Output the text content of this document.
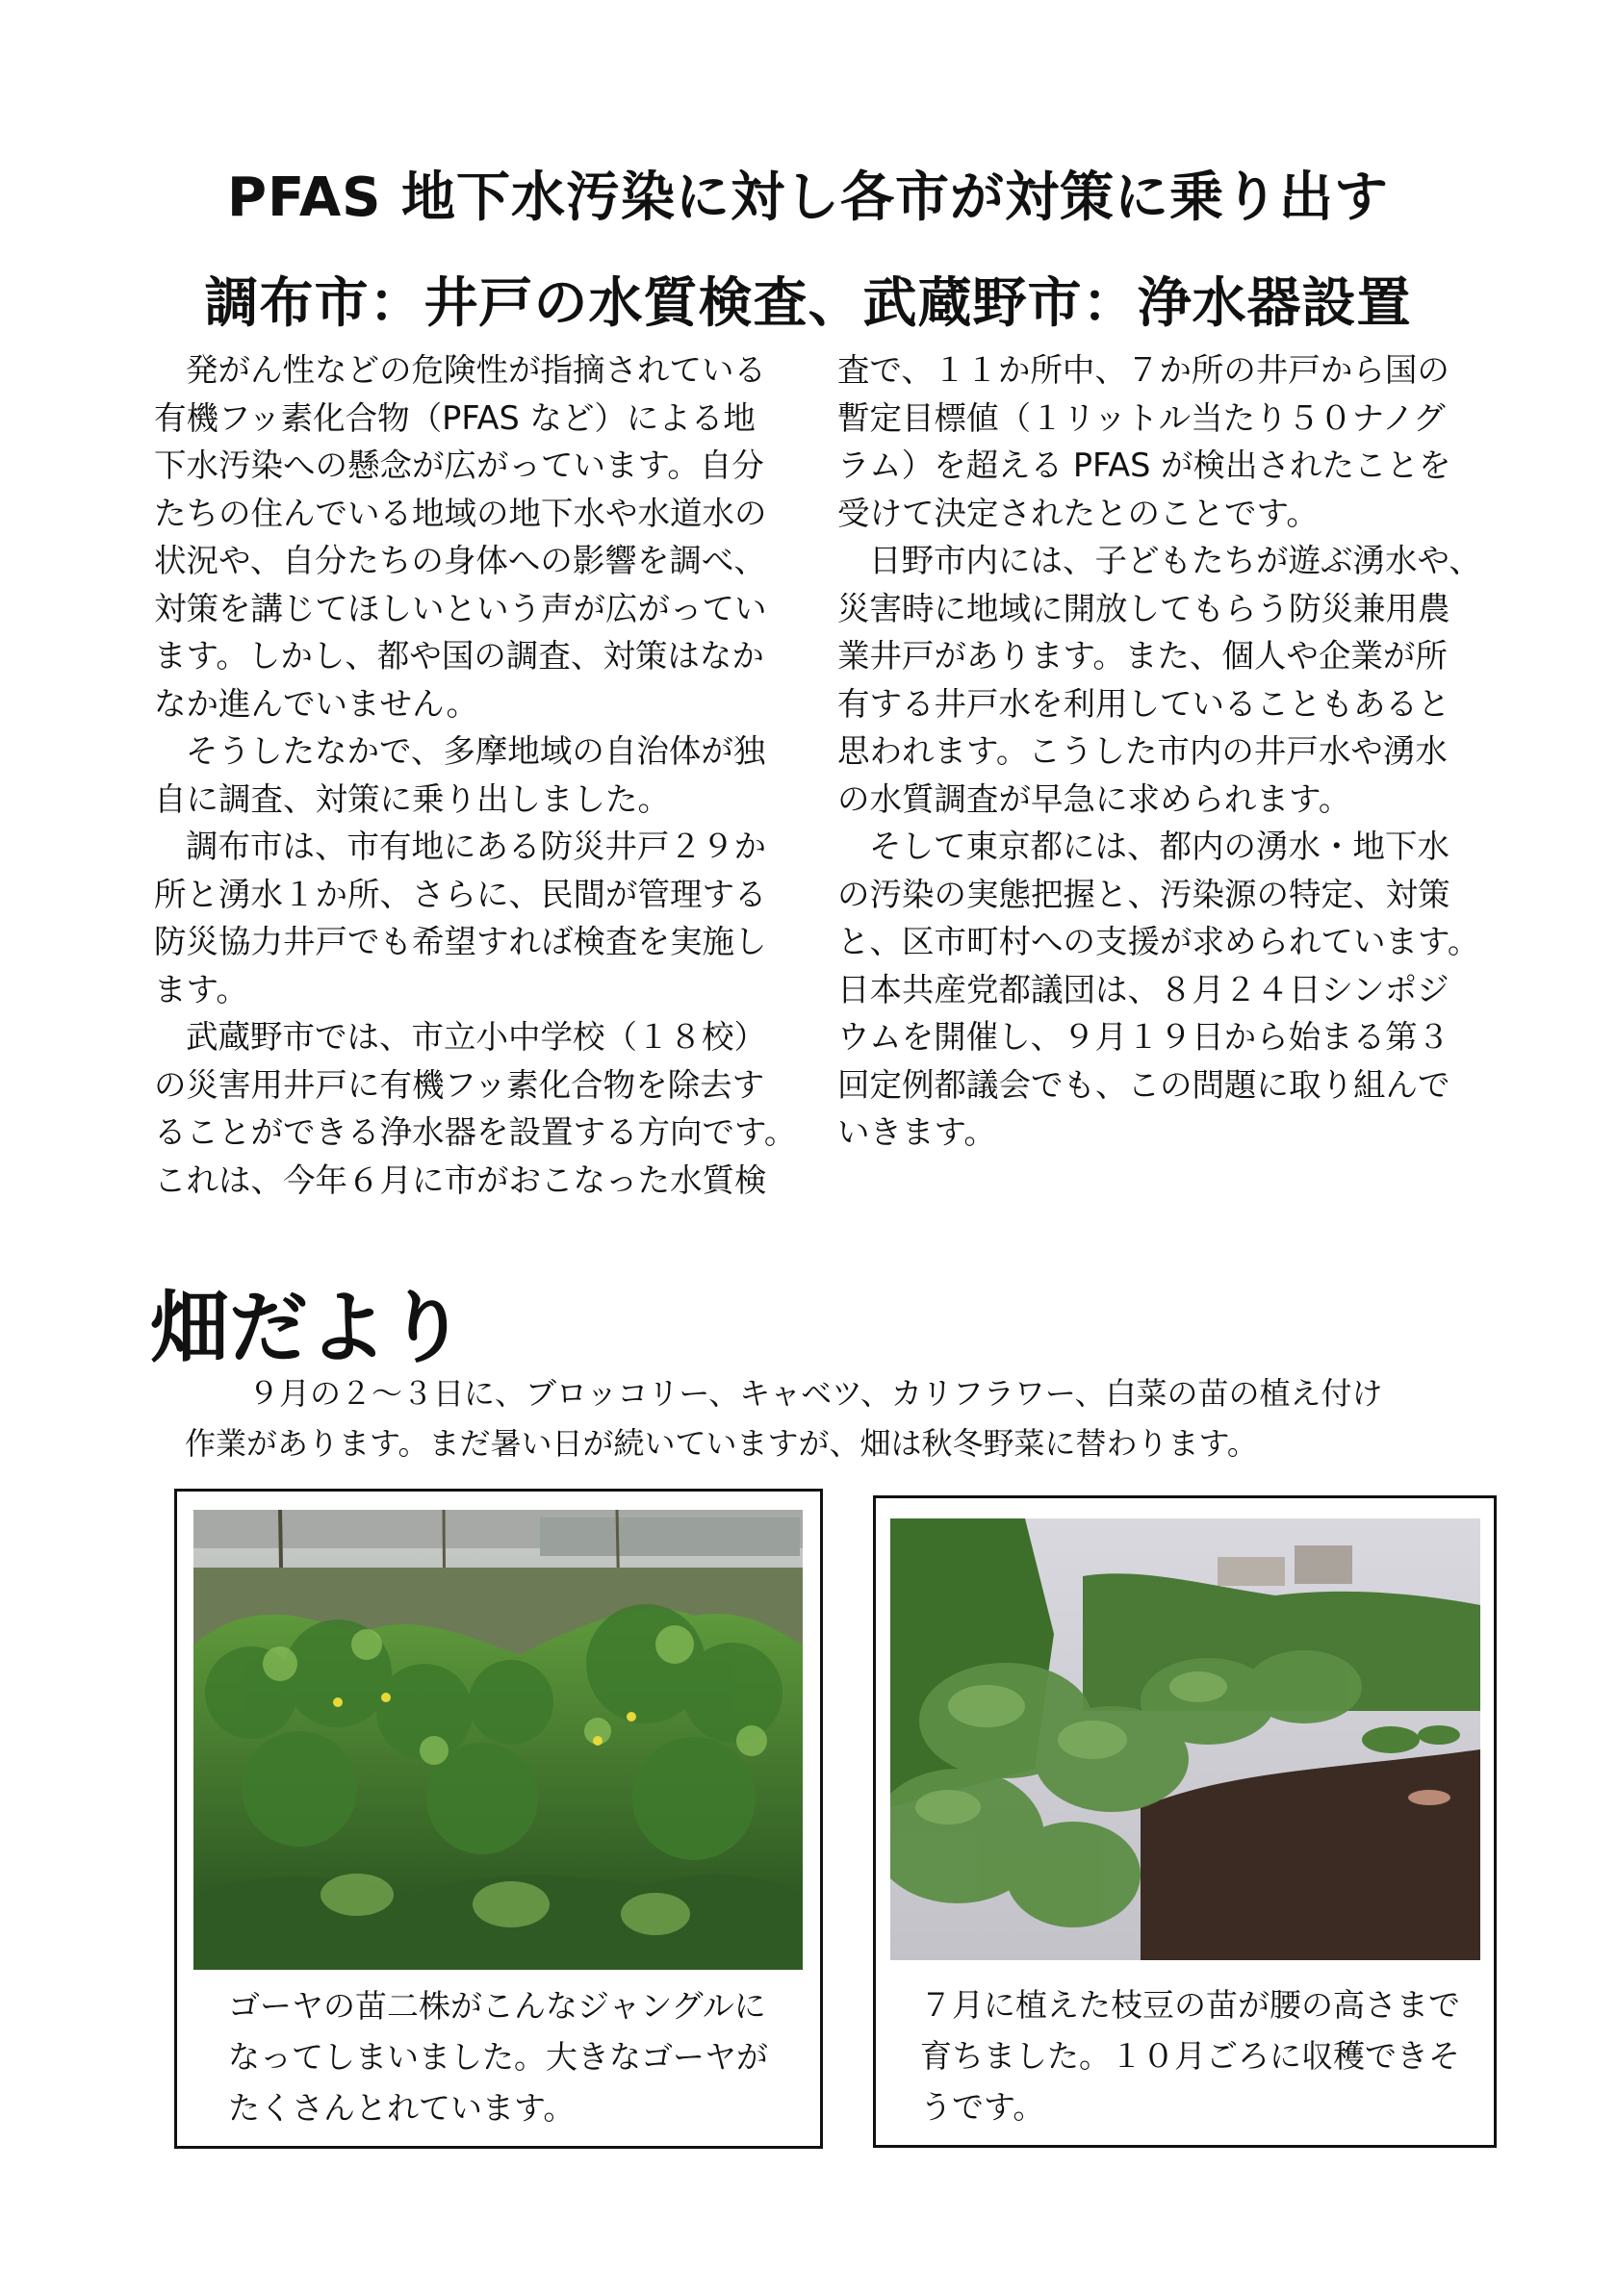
PFAS 地下水汚染に対し各市が対策に乗り出す
調布市：井戸の水質検査、武蔵野市：浄水器設置

発がん性などの危険性が指摘されている

有機フッ素化合物（PFAS など）による地

下水汚染への懸念が広がっています。自分

たちの住んでいる地域の地下水や水道水の

状況や、自分たちの身体への影響を調べ、

対策を講じてほしいという声が広がってい

ます。しかし、都や国の調査、対策はなか

なか進んでいません。

そうしたなかで、多摩地域の自治体が独

自に調査、対策に乗り出しました。

調布市は、市有地にある防災井戸２９か

所と湧水１か所、さらに、民間が管理する

防災協力井戸でも希望すれば検査を実施し

ます。

武蔵野市では、市立小中学校（１８校）

の災害用井戸に有機フッ素化合物を除去す

ることができる浄水器を設置する方向です。

これは、今年６月に市がおこなった水質検

査で、１１か所中、７か所の井戸から国の

暫定目標値（１リットル当たり５０ナノグ

ラム）を超える PFAS が検出されたことを

受けて決定されたとのことです。

日野市内には、子どもたちが遊ぶ湧水や、

災害時に地域に開放してもらう防災兼用農

業井戸があります。また、個人や企業が所

有する井戸水を利用していることもあると

思われます。こうした市内の井戸水や湧水

の水質調査が早急に求められます。

そして東京都には、都内の湧水・地下水

の汚染の実態把握と、汚染源の特定、対策

と、区市町村への支援が求められています。

日本共産党都議団は、８月２４日シンポジ

ウムを開催し、９月１９日から始まる第３

回定例都議会でも、この問題に取り組んで

いきます。

畑だより

９月の２～３日に、ブロッコリー、キャベツ、カリフラワー、白菜の苗の植え付け

作業があります。まだ暑い日が続いていますが、畑は秋冬野菜に替わります。

ゴーヤの苗二株がこんなジャングルに

なってしまいました。大きなゴーヤが

たくさんとれています。

７月に植えた枝豆の苗が腰の高さまで

育ちました。１０月ごろに収穫できそ

うです。
